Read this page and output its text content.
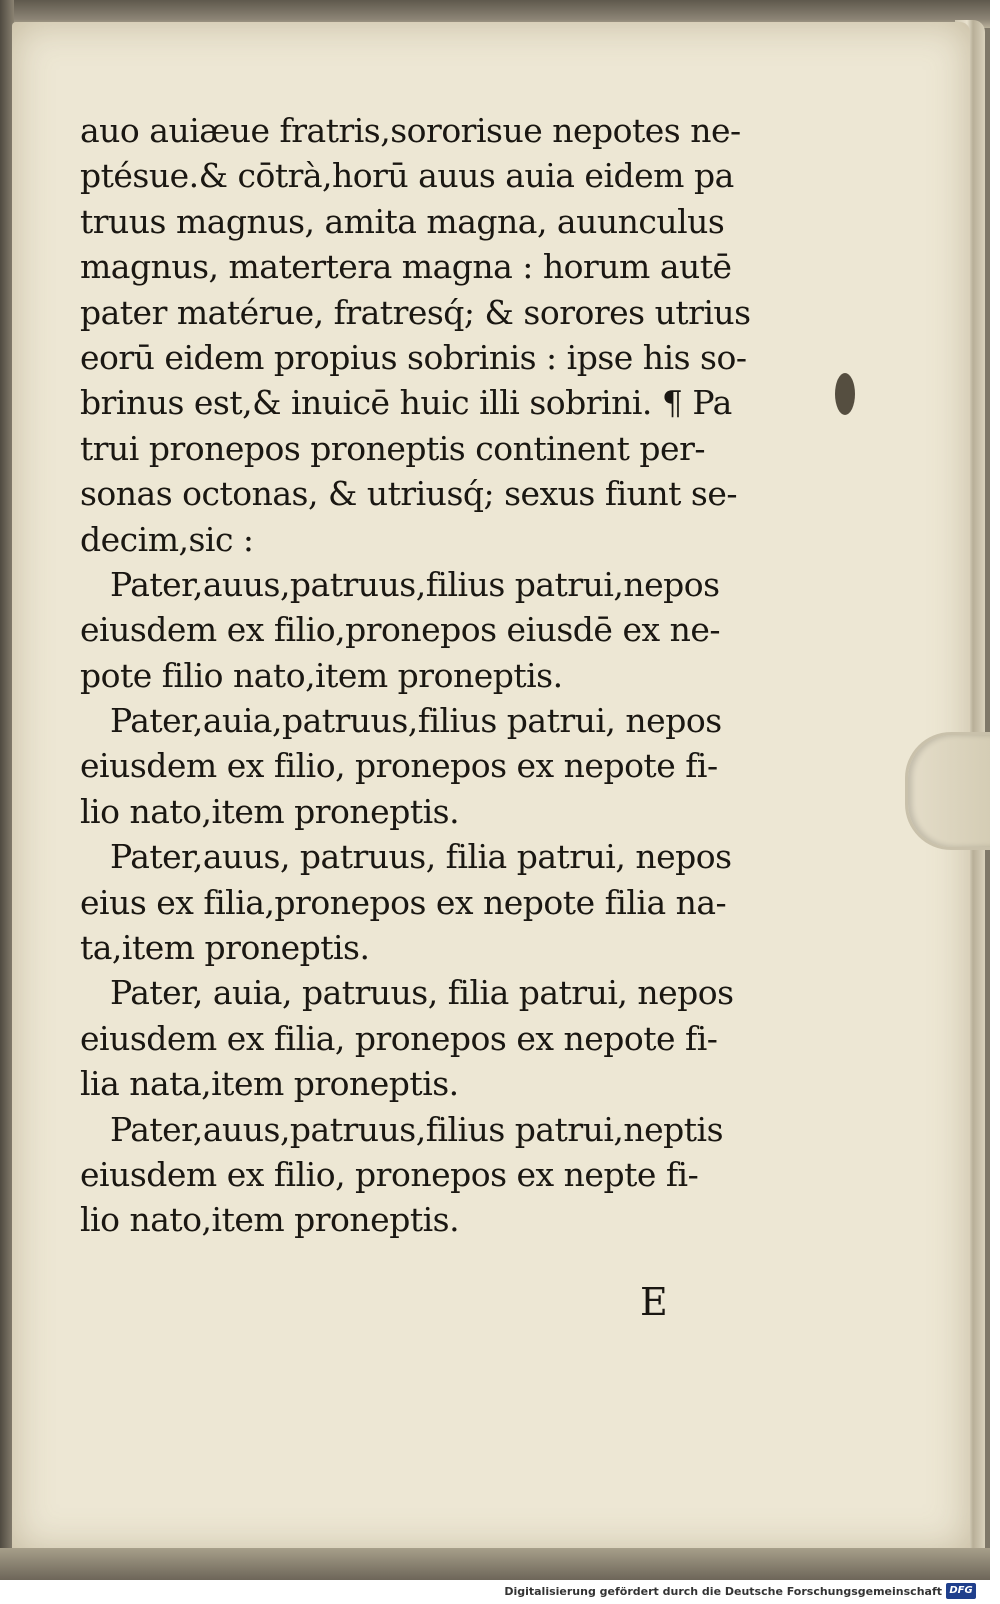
auo auiæue fratris,sororisue nepotes ne-
ptésue.& cōtrà,horū auus auia eidem pa
truus magnus, amita magna, auunculus
magnus, matertera magna : horum autē
pater matérue, fratresq́; & sorores utrius
eorū eidem propius sobrinis : ipse his so-
brinus est,& inuicē huic illi sobrini. ¶ Pa
trui pronepos proneptis continent per-
sonas octonas, & utriusq́; sexus fiunt se-
decim,sic :
Pater,auus,patruus,filius patrui,nepos
eiusdem ex filio,pronepos eiusdē ex ne-
pote filio nato,item proneptis.
Pater,auia,patruus,filius patrui, nepos
eiusdem ex filio, pronepos ex nepote fi-
lio nato,item proneptis.
Pater,auus, patruus, filia patrui, nepos
eius ex filia,pronepos ex nepote filia na-
ta,item proneptis.
Pater, auia, patruus, filia patrui, nepos
eiusdem ex filia, pronepos ex nepote fi-
lia nata,item proneptis.
Pater,auus,patruus,filius patrui,neptis
eiusdem ex filio, pronepos ex nepte fi-
lio nato,item proneptis.
E
Digitalisierung gefördert durch die Deutsche Forschungsgemeinschaft DFG
